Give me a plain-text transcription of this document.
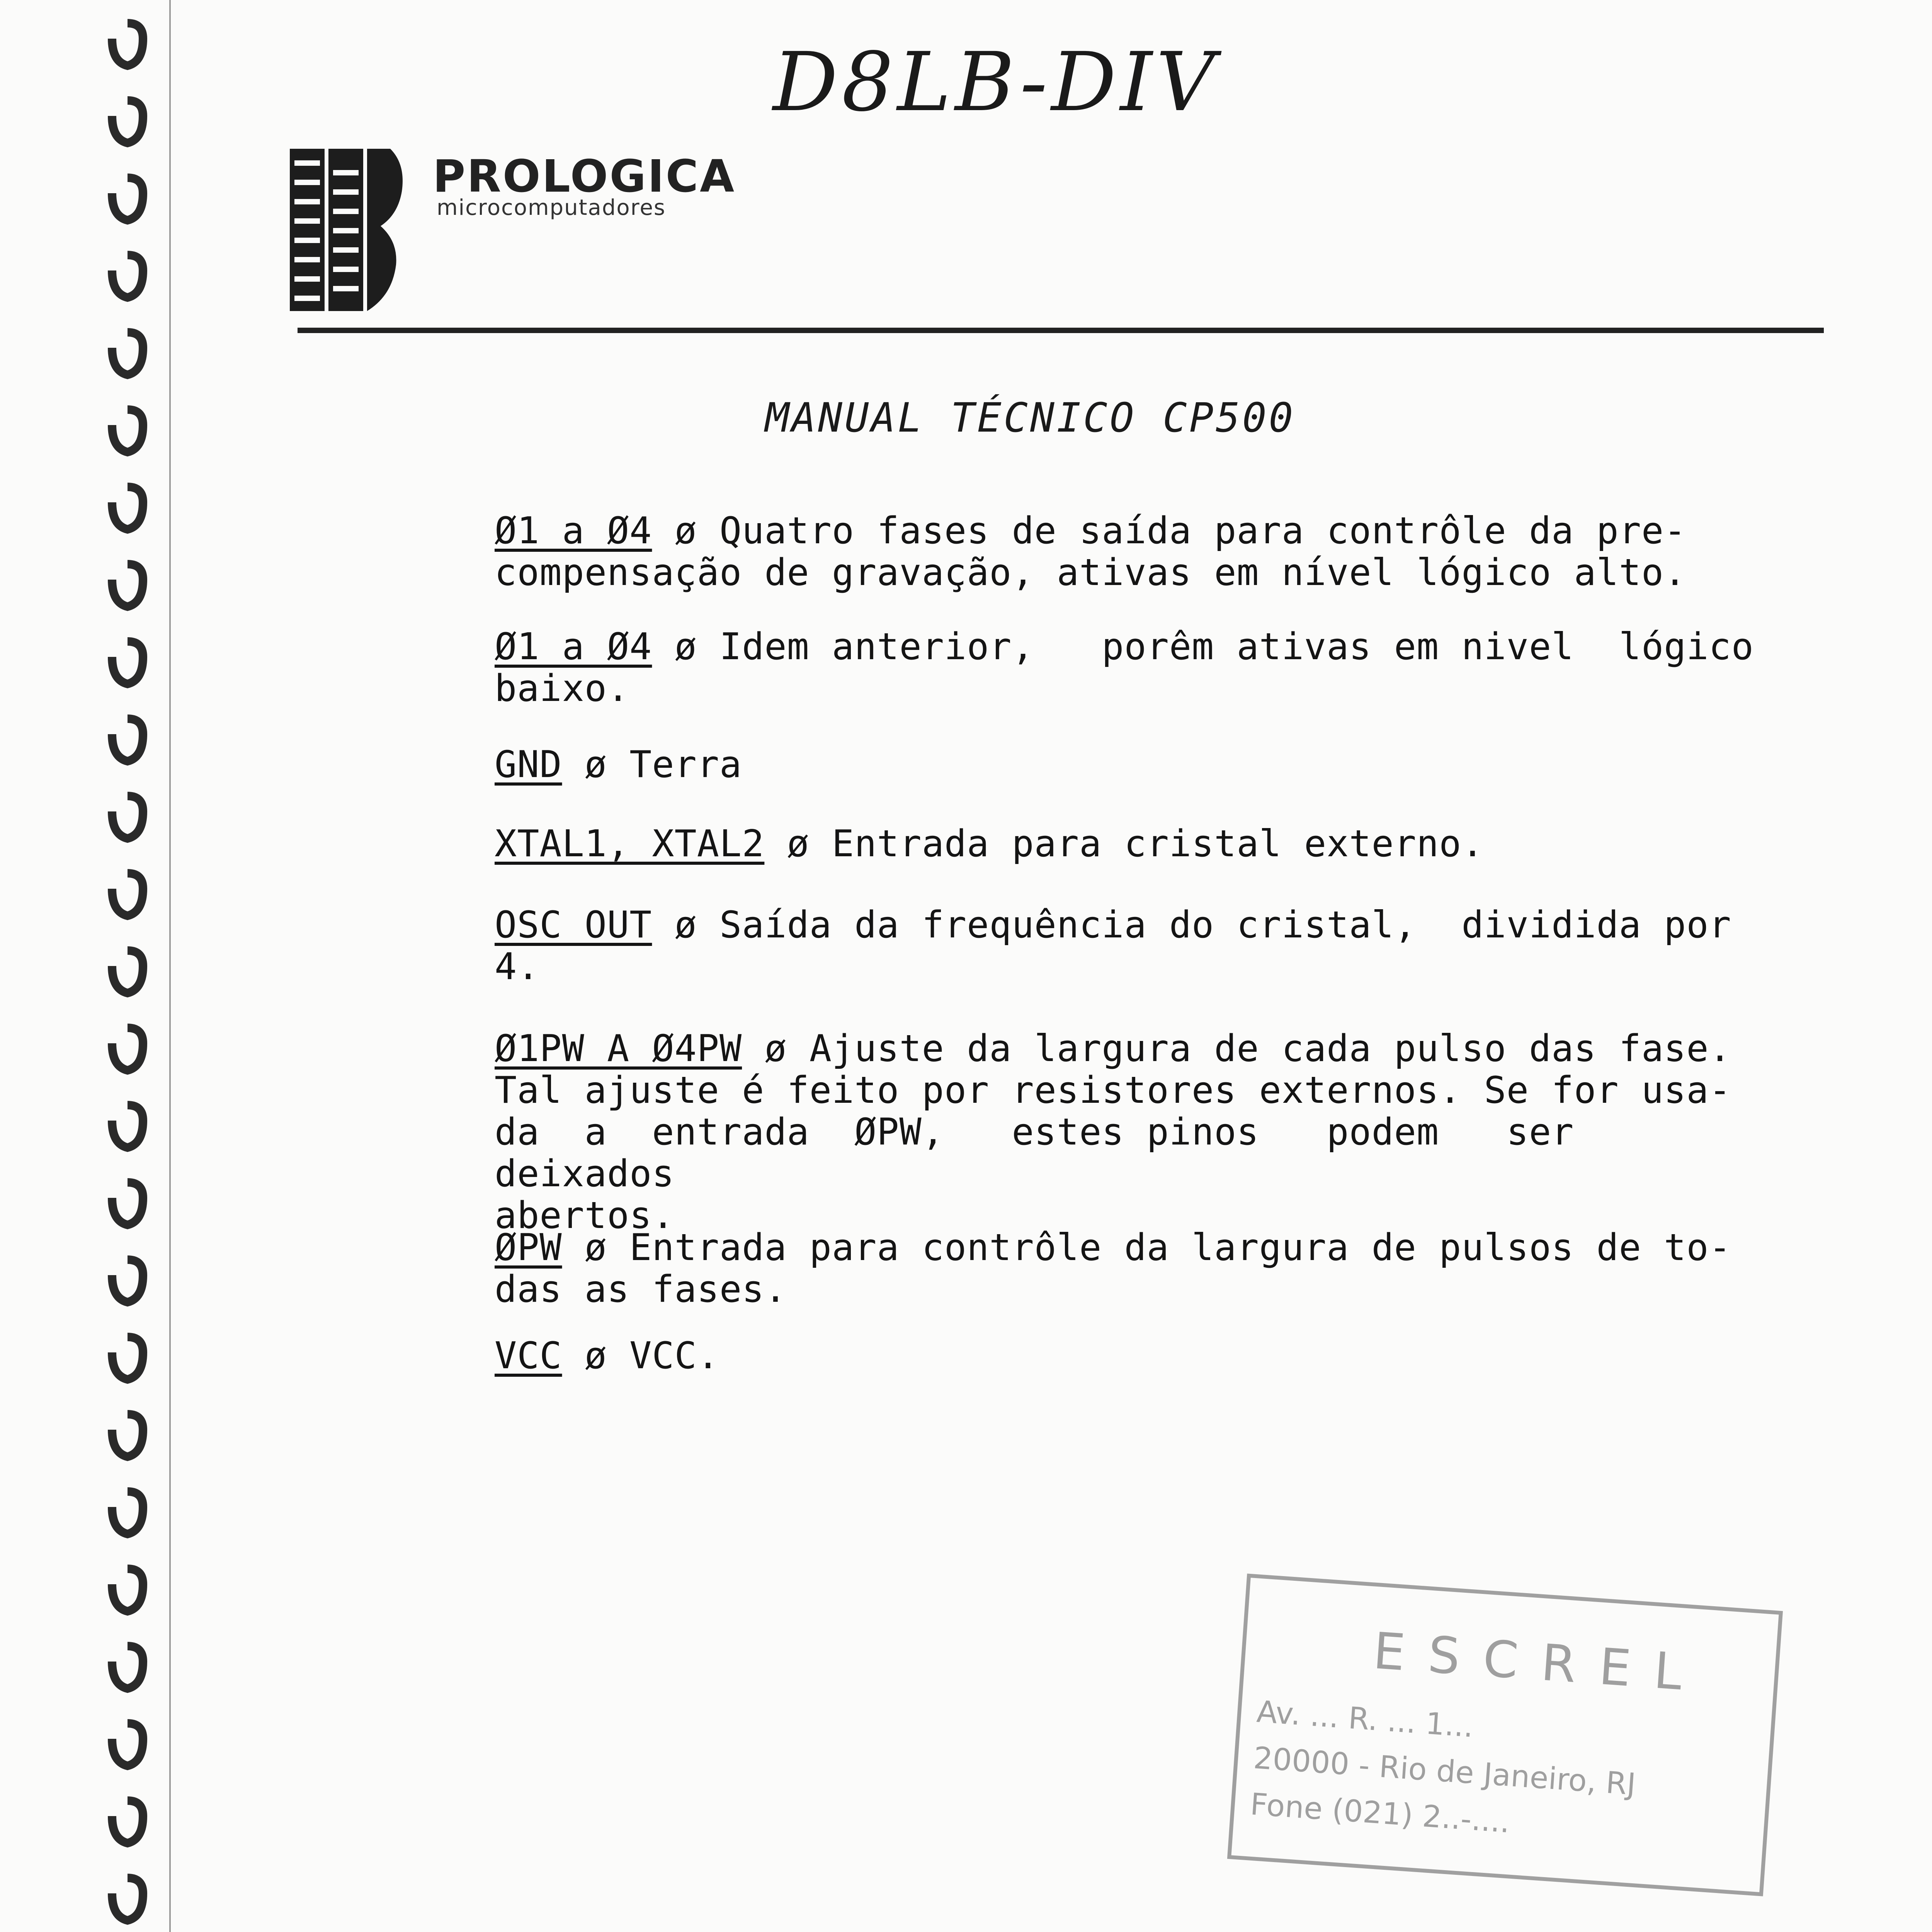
D8LB-DIV
PROLOGICA
microcomputadores
MANUAL TÉCNICO CP500
Ø1 a Ø4 ø Quatro fases de saída para contrôle da pre-
compensação de gravação, ativas em nível lógico alto.
Ø1 a Ø4 ø Idem anterior,   porêm ativas em nivel  lógico
baixo.
GND ø Terra
XTAL1, XTAL2 ø Entrada para cristal externo.
OSC OUT ø Saída da frequência do cristal,  dividida por
4.
Ø1PW A Ø4PW ø Ajuste da largura de cada pulso das fase.
Tal ajuste é feito por resistores externos. Se for usa-
da  a  entrada  ØPW,   estes pinos   podem   ser  deixados
abertos.
ØPW ø Entrada para contrôle da largura de pulsos de to-
das as fases.
VCC ø VCC.
ESCREL
Av. ... R. ... 1...
20000 - Rio de Janeiro, RJ
Fone (021) 2..-....
